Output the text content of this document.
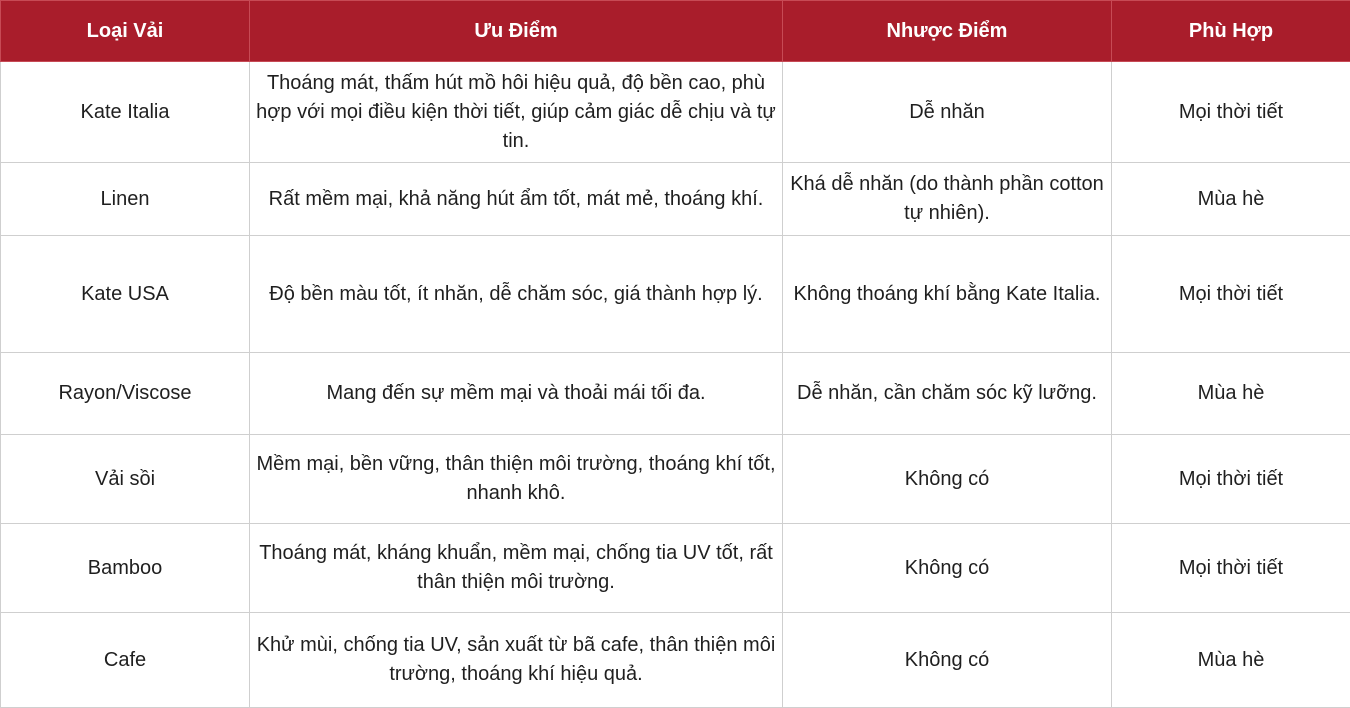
Loại Vải	Ưu Điểm	Nhược Điểm	Phù Hợp
Kate Italia	Thoáng mát, thấm hút mồ hôi hiệu quả, độ bền cao, phù hợp với mọi điều kiện thời tiết, giúp cảm giác dễ chịu và tự tin.	Dễ nhăn	Mọi thời tiết
Linen	Rất mềm mại, khả năng hút ẩm tốt, mát mẻ, thoáng khí.	Khá dễ nhăn (do thành phần cotton tự nhiên).	Mùa hè
Kate USA	Độ bền màu tốt, ít nhăn, dễ chăm sóc, giá thành hợp lý.	Không thoáng khí bằng Kate Italia.	Mọi thời tiết
Rayon/Viscose	Mang đến sự mềm mại và thoải mái tối đa.	Dễ nhăn, cần chăm sóc kỹ lưỡng.	Mùa hè
Vải sồi	Mềm mại, bền vững, thân thiện môi trường, thoáng khí tốt, nhanh khô.	Không có	Mọi thời tiết
Bamboo	Thoáng mát, kháng khuẩn, mềm mại, chống tia UV tốt, rất thân thiện môi trường.	Không có	Mọi thời tiết
Cafe	Khử mùi, chống tia UV, sản xuất từ bã cafe, thân thiện môi trường, thoáng khí hiệu quả.	Không có	Mùa hè
